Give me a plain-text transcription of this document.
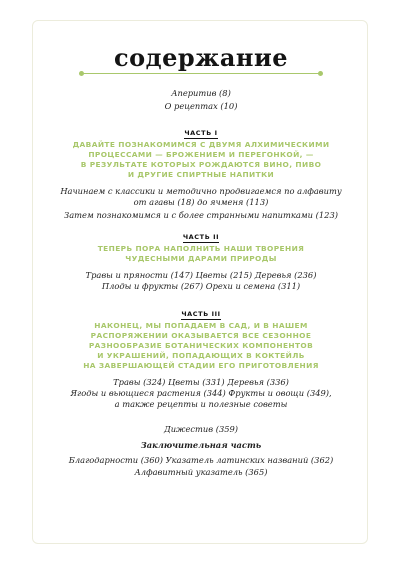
содержание
Аперитив (8)
О рецептах (10)
ЧАСТЬ I
ДАВАЙТЕ ПОЗНАКОМИМСЯ С ДВУМЯ АЛХИМИЧЕСКИМИ
ПРОЦЕССАМИ — БРОЖЕНИЕМ И ПЕРЕГОНКОЙ, —
В РЕЗУЛЬТАТЕ КОТОРЫХ РОЖДАЮТСЯ ВИНО, ПИВО
И ДРУГИЕ СПИРТНЫЕ НАПИТКИ
Начинаем с классики и методично продвигаемся по алфавиту
от агавы (18) до ячменя (113)
Затем познакомимся и с более странными напитками (123)
ЧАСТЬ II
ТЕПЕРЬ ПОРА НАПОЛНИТЬ НАШИ ТВОРЕНИЯ
ЧУДЕСНЫМИ ДАРАМИ ПРИРОДЫ
Травы и пряности (147) Цветы (215) Деревья (236)
Плоды и фрукты (267) Орехи и семена (311)
ЧАСТЬ III
НАКОНЕЦ, МЫ ПОПАДАЕМ В САД, И В НАШЕМ
РАСПОРЯЖЕНИИ ОКАЗЫВАЕТСЯ ВСЕ СЕЗОННОЕ
РАЗНООБРАЗИЕ БОТАНИЧЕСКИХ КОМПОНЕНТОВ
И УКРАШЕНИЙ, ПОПАДАЮЩИХ В КОКТЕЙЛЬ
НА ЗАВЕРШАЮЩЕЙ СТАДИИ ЕГО ПРИГОТОВЛЕНИЯ
Травы (324) Цветы (331) Деревья (336)
Ягоды и вьющиеся растения (344) Фрукты и овощи (349),
а также рецепты и полезные советы
Дижестив (359)
Заключительная часть
Благодарности (360) Указатель латинских названий (362)
Алфавитный указатель (365)
